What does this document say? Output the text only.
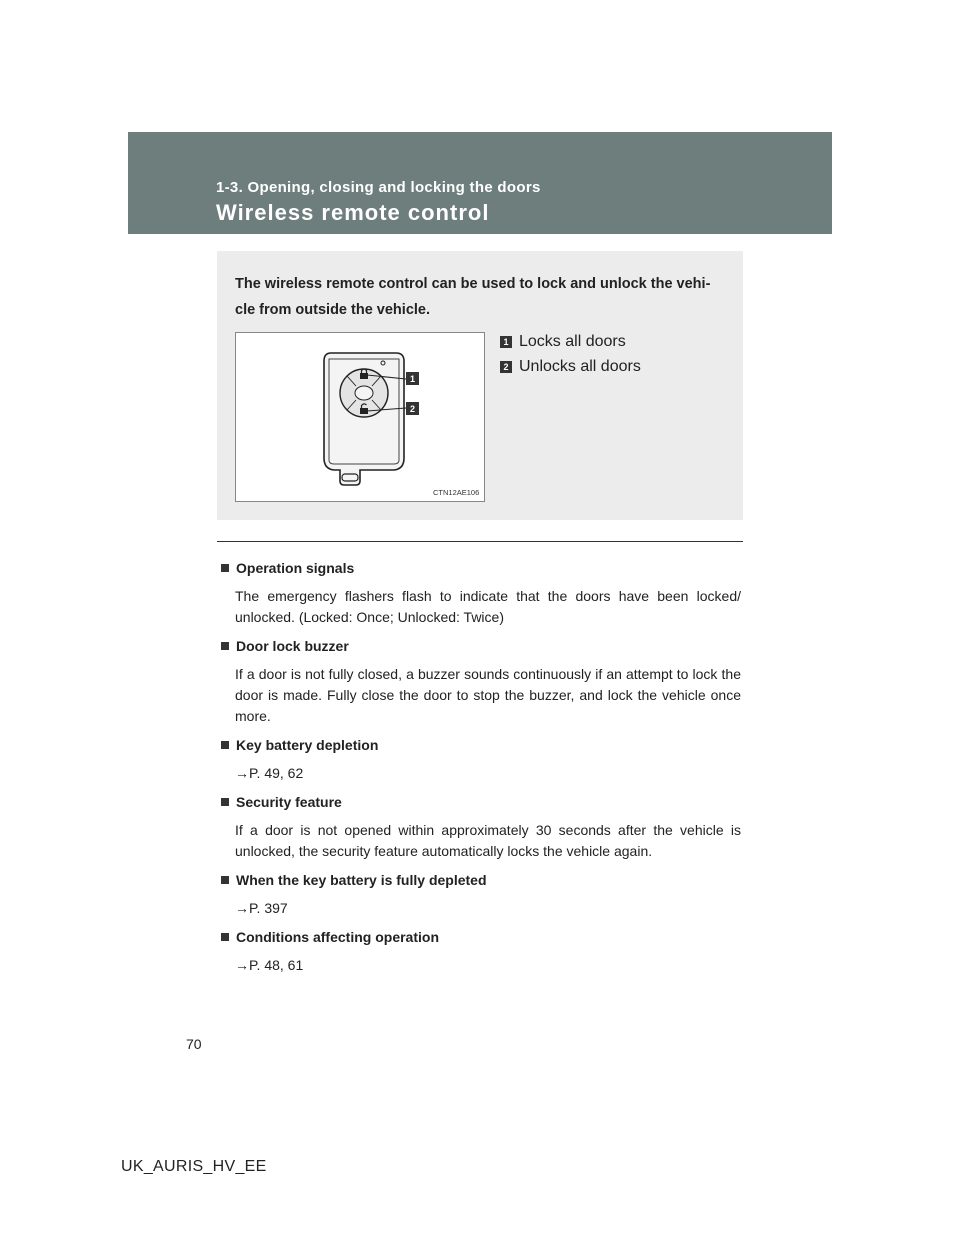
1-3. Opening, closing and locking the doors
Wireless remote control

The wireless remote control can be used to lock and unlock the vehi-cle from outside the vehicle.

1
2
CTN12AE106
1 Locks all doors
2 Unlocks all doors
Operation signals
The emergency flashers flash to indicate that the doors have been locked/ unlocked. (Locked: Once; Unlocked: Twice)
Door lock buzzer
If a door is not fully closed, a buzzer sounds continuously if an attempt to lock the door is made. Fully close the door to stop the buzzer, and lock the vehicle once more.
Key battery depletion
→P. 49, 62
Security feature
If a door is not opened within approximately 30 seconds after the vehicle is unlocked, the security feature automatically locks the vehicle again.
When the key battery is fully depleted
→P. 397
Conditions affecting operation
→P. 48, 61
70
UK_AURIS_HV_EE
